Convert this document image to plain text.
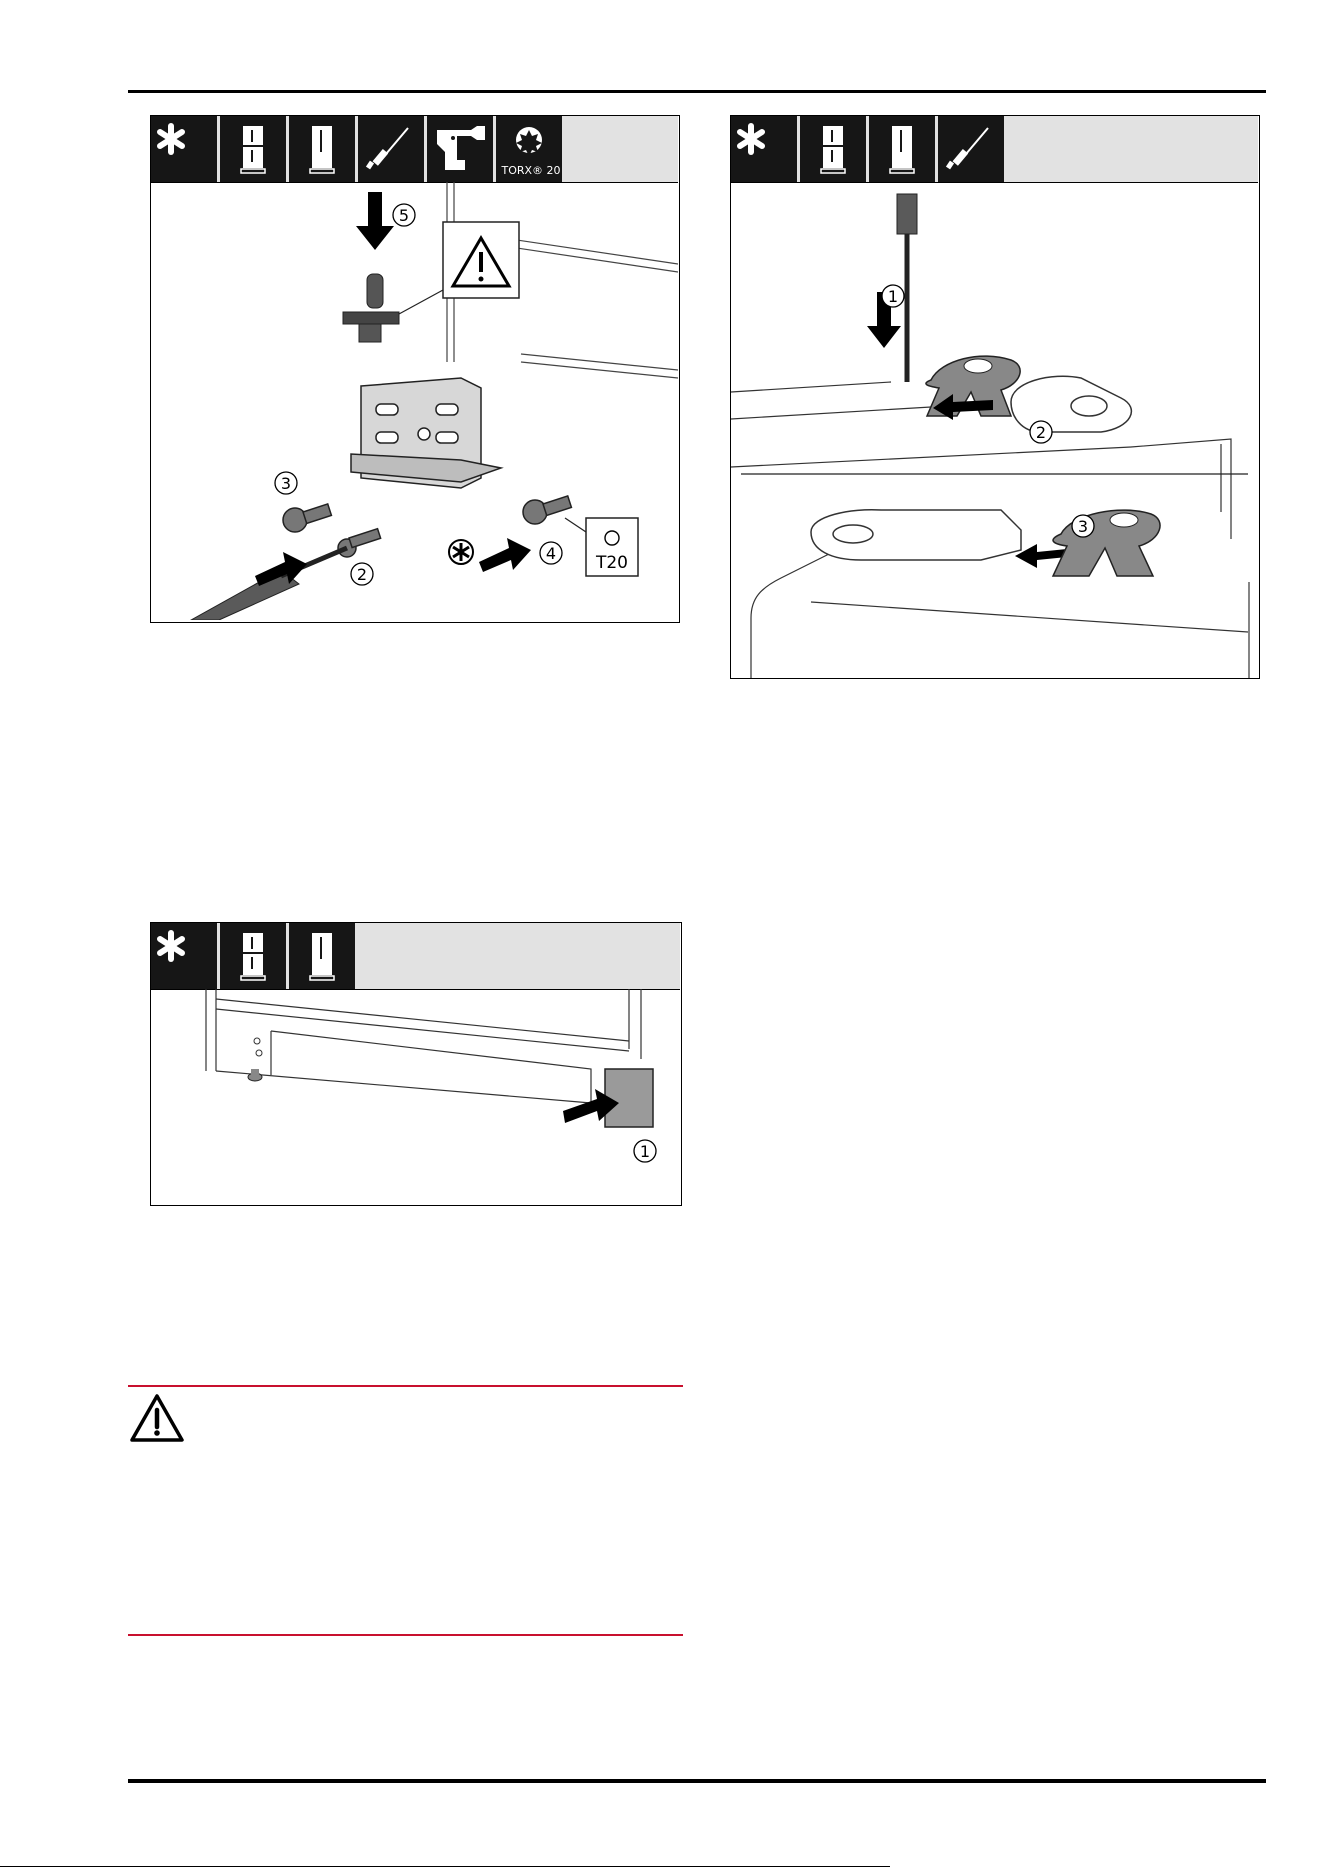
TORX® 20
5
3
2
4 T20
1
2
3
1
